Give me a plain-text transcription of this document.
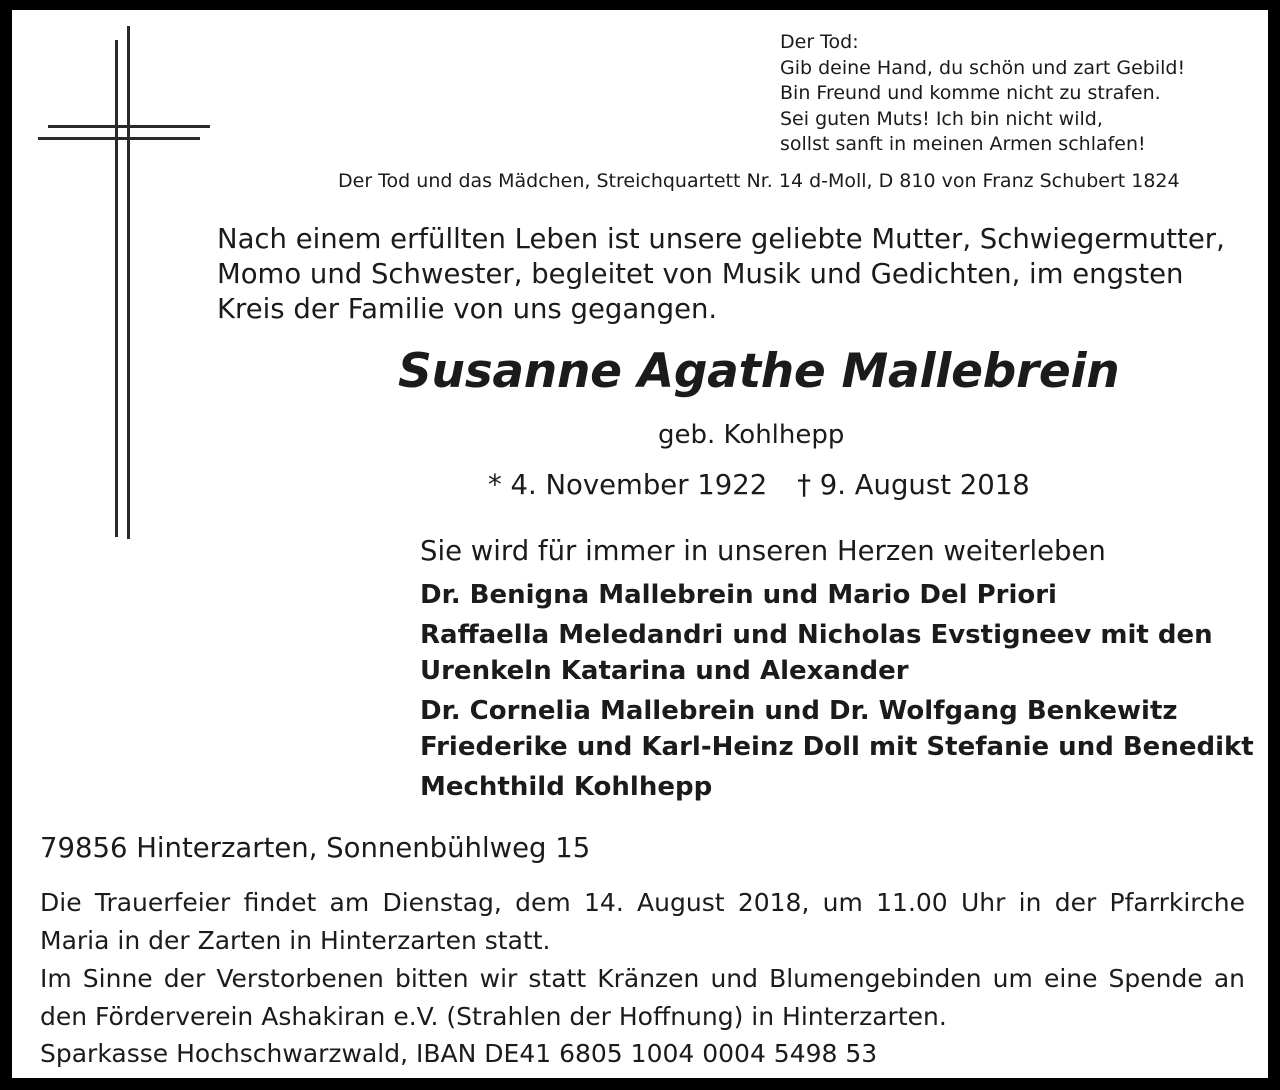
Der Tod:
Gib deine Hand, du schön und zart Gebild!
Bin Freund und komme nicht zu strafen.
Sei guten Muts! Ich bin nicht wild,
sollst sanft in meinen Armen schlafen!
Der Tod und das Mädchen, Streichquartett Nr. 14 d-Moll, D 810 von Franz Schubert 1824
Nach einem erfüllten Leben ist unsere geliebte Mutter, Schwiegermutter,
Momo und Schwester, begleitet von Musik und Gedichten, im engsten
Kreis der Familie von uns gegangen.
Susanne Agathe Mallebrein
geb. Kohlhepp
* 4. November 1922 † 9. August 2018
Sie wird für immer in unseren Herzen weiterleben
Dr. Benigna Mallebrein und Mario Del Priori
Raffaella Meledandri und Nicholas Evstigneev mit den
Urenkeln Katarina und Alexander
Dr. Cornelia Mallebrein und Dr. Wolfgang Benkewitz
Friederike und Karl-Heinz Doll mit Stefanie und Benedikt
Mechthild Kohlhepp
79856 Hinterzarten, Sonnenbühlweg 15
Die Trauerfeier findet am Dienstag, dem 14. August 2018, um 11.00 Uhr in der Pfarrkirche Maria in der Zarten in Hinterzarten statt.
Im Sinne der Verstorbenen bitten wir statt Kränzen und Blumengebinden um eine Spende an den Förderverein Ashakiran e.V. (Strahlen der Hoffnung) in Hinterzarten.
Sparkasse Hochschwarzwald, IBAN DE41 6805 1004 0004 5498 53
